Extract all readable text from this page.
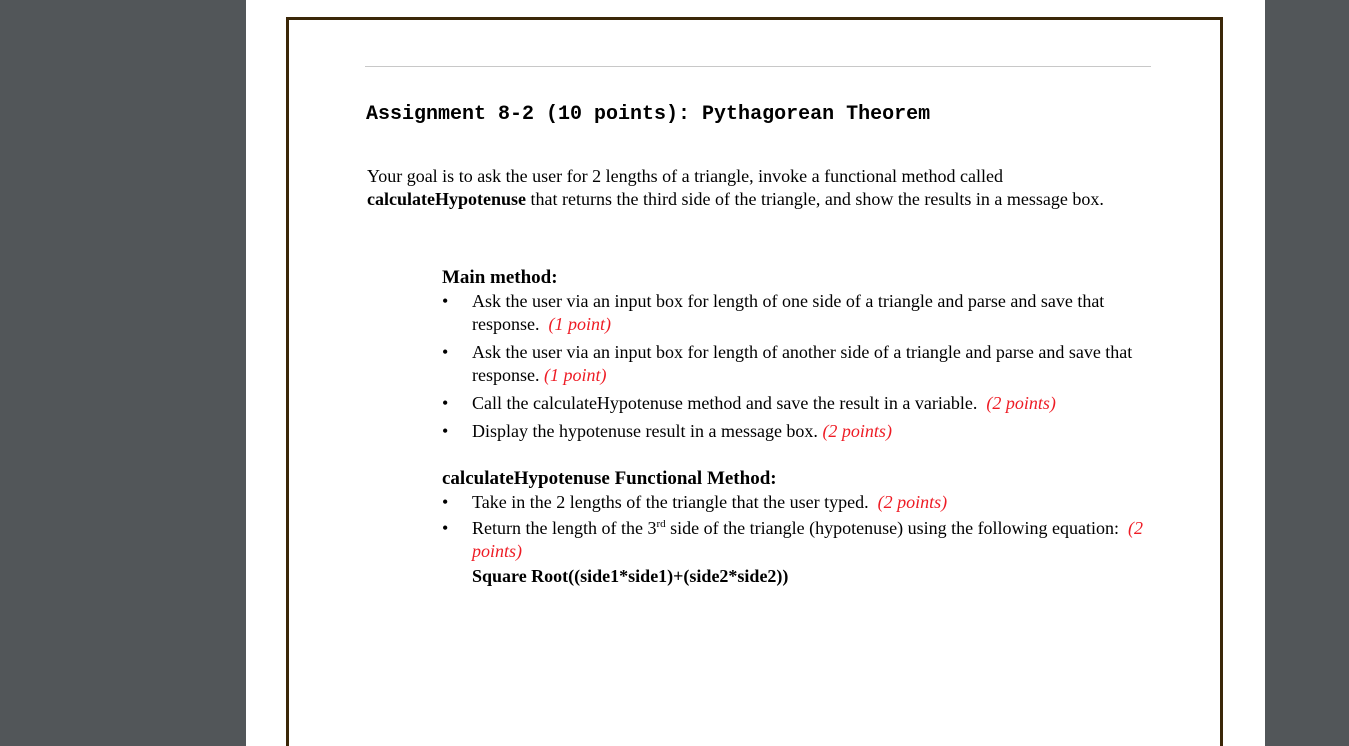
Assignment 8-2 (10 points): Pythagorean Theorem

Your goal is to ask the user for 2 lengths of a triangle, invoke a functional method called calculateHypotenuse that returns the third side of the triangle, and show the results in a message box.

Main method:
• Ask the user via an input box for length of one side of a triangle and parse and save that response. (1 point)
• Ask the user via an input box for length of another side of a triangle and parse and save that response. (1 point)
• Call the calculateHypotenuse method and save the result in a variable. (2 points)
• Display the hypotenuse result in a message box. (2 points)
calculateHypotenuse Functional Method:
• Take in the 2 lengths of the triangle that the user typed. (2 points)
• Return the length of the 3rd side of the triangle (hypotenuse) using the following equation: (2 points)
Square Root((side1*side1)+(side2*side2))
